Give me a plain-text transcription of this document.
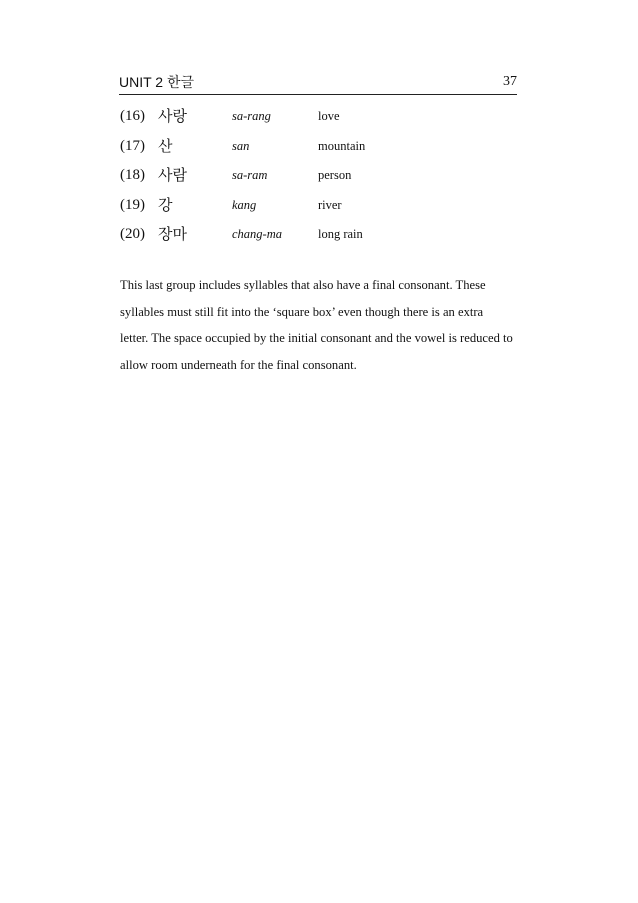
UNIT 2 한글	37
(16) 사랑	sa-rang	love
(17) 산	san	mountain
(18) 사람	sa-ram	person
(19) 강	kang	river
(20) 장마	chang-ma	long rain

This last group includes syllables that also have a final consonant. These
syllables must still fit into the ‘square box’ even though there is an extra
letter. The space occupied by the initial consonant and the vowel is reduced to
allow room underneath for the final consonant.
